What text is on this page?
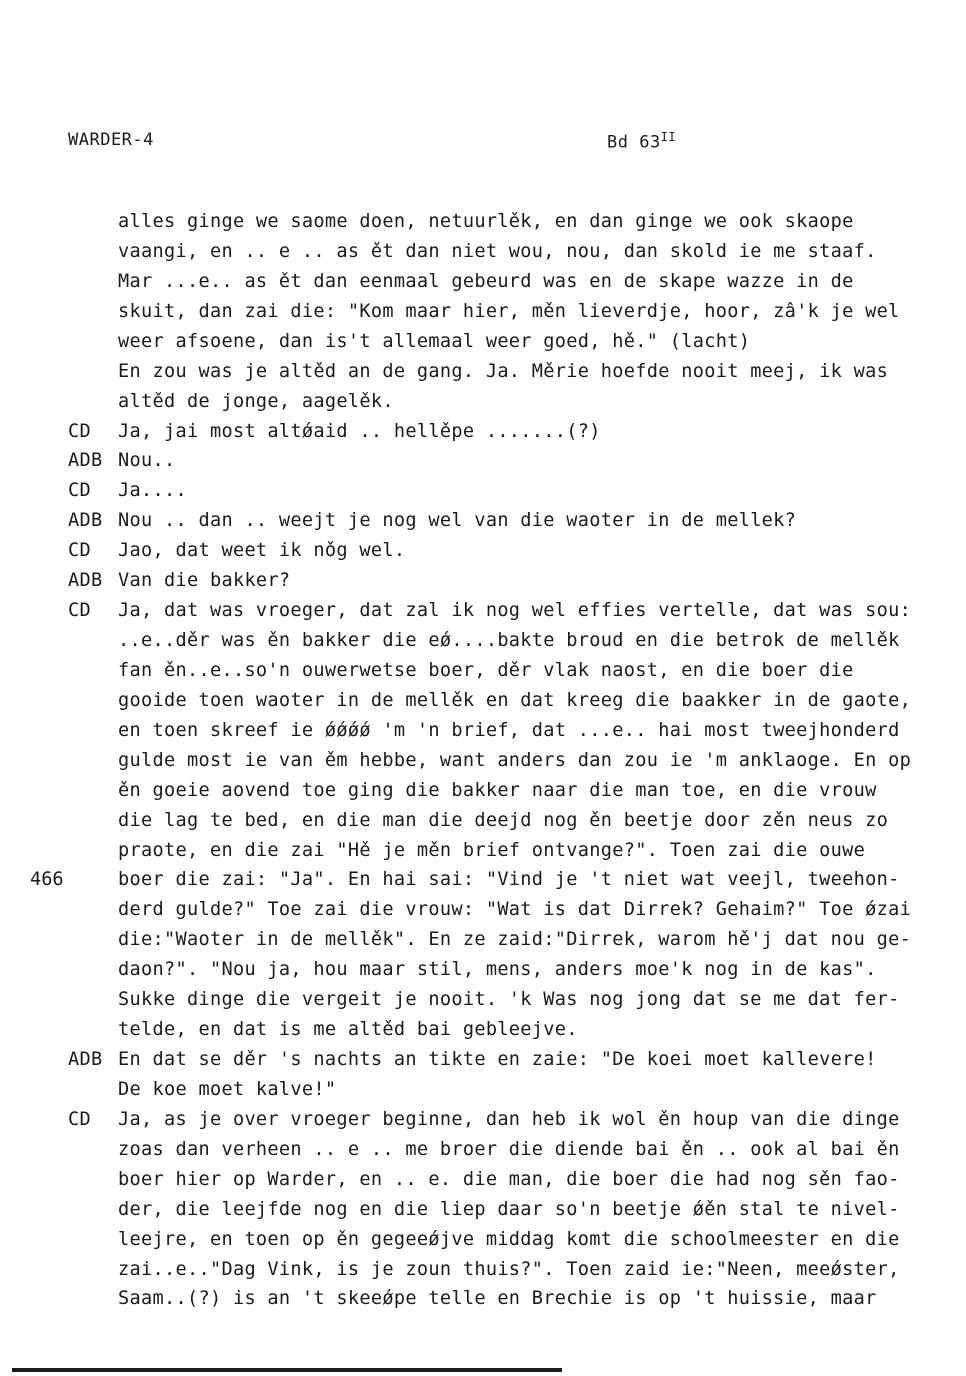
WARDER-4	Bd $63^{II}$
466
alles ginge we saome doen, netuurlěk, en dan ginge we ook skaope
vaangi, en .. e .. as ět dan niet wou, nou, dan skold ie me staaf.
Mar ...e.. as ět dan eenmaal gebeurd was en de skape wazze in de
skuit, dan zai die: "Kom maar hier, měn lieverdje, hoor, zâ'k je wel
weer afsoene, dan is't allemaal weer goed, hě." (lacht)
En zou was je altěd an de gang. Ja. Měrie hoefde nooit meej, ik was
altěd de jonge, aagelěk.
CD	Ja, jai most altǿaid .. hellěpe .......(?)
ADB Nou..
CD	Ja....
ADB Nou .. dan .. weejt je nog wel van die waoter in de mellek?
CD	Jao, dat weet ik nǒg wel.
ADB Van die bakker?
CD	Ja, dat was vroeger, dat zal ik nog wel effies vertelle, dat was sou:
..e..děr was ěn bakker die eǿ....bakte broud en die betrok de mellěk
fan ěn..e..so'n ouwerwetse boer, děr vlak naost, en die boer die
gooide toen waoter in de mellěk en dat kreeg die baakker in de gaote,
en toen skreef ie ǿǿǿǿ 'm 'n brief, dat ...e.. hai most tweejhonderd
gulde most ie van ěm hebbe, want anders dan zou ie 'm anklaoge. En op
ěn goeie aovend toe ging die bakker naar die man toe, en die vrouw
die lag te bed, en die man die deejd nog ěn beetje door zěn neus zo
praote, en die zai "Hě je měn brief ontvange?". Toen zai die ouwe
boer die zai: "Ja". En hai sai: "Vind je 't niet wat veejl, tweehon-
derd gulde?" Toe zai die vrouw: "Wat is dat Dirrek? Gehaim?" Toe ǿzai
die:"Waoter in de mellěk". En ze zaid:"Dirrek, warom hě'j dat nou ge-
daon?". "Nou ja, hou maar stil, mens, anders moe'k nog in de kas".
Sukke dinge die vergeit je nooit. 'k Was nog jong dat se me dat fer-
telde, en dat is me altěd bai gebleejve.
ADB En dat se děr 's nachts an tikte en zaie: "De koei moet kallevere!
De koe moet kalve!"
CD	Ja, as je over vroeger beginne, dan heb ik wol ěn houp van die dinge
zoas dan verheen .. e .. me broer die diende bai ěn .. ook al bai ěn
boer hier op Warder, en .. e. die man, die boer die had nog sěn fao-
der, die leejfde nog en die liep daar so'n beetje ǿěn stal te nivel-
leejre, en toen op ěn gegeeǿjve middag komt die schoolmeester en die
zai..e.."Dag Vink, is je zoun thuis?". Toen zaid ie:"Neen, meeǿster,
Saam..(?) is an 't skeeǿpe telle en Brechie is op 't huissie, maar
